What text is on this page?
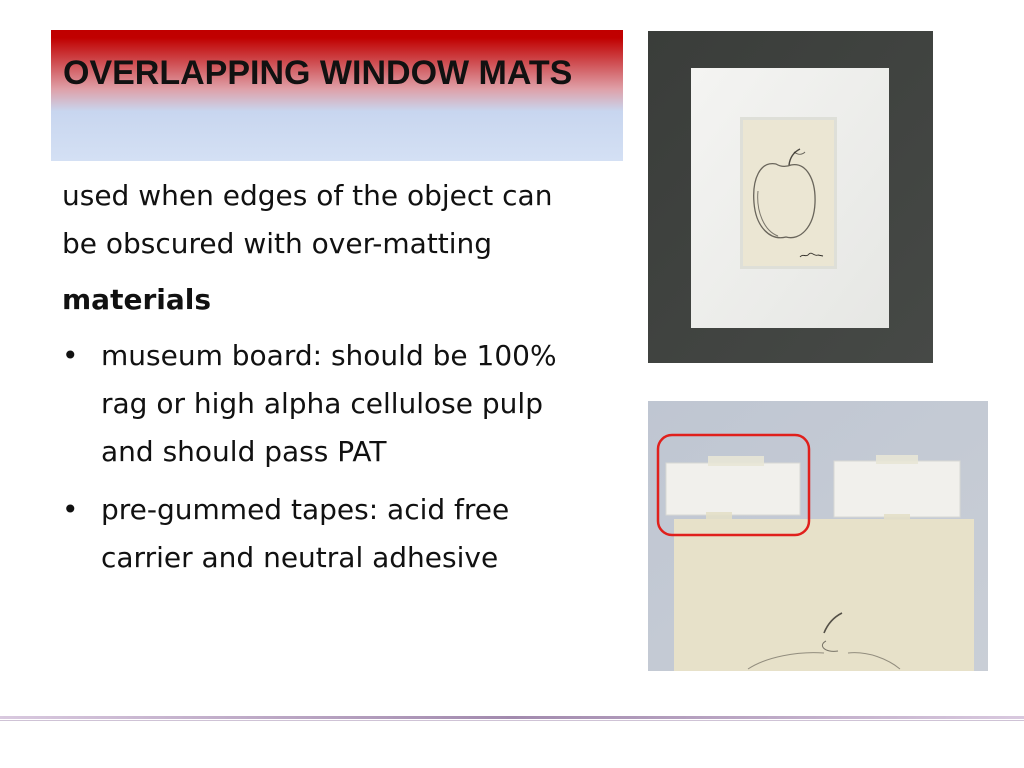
OVERLAPPING WINDOW MATS

used when edges of the object can be obscured with over-matting

materials

• museum board: should be 100% rag or high alpha cellulose pulp and should pass PAT
• pre-gummed tapes: acid free carrier and neutral adhesive
